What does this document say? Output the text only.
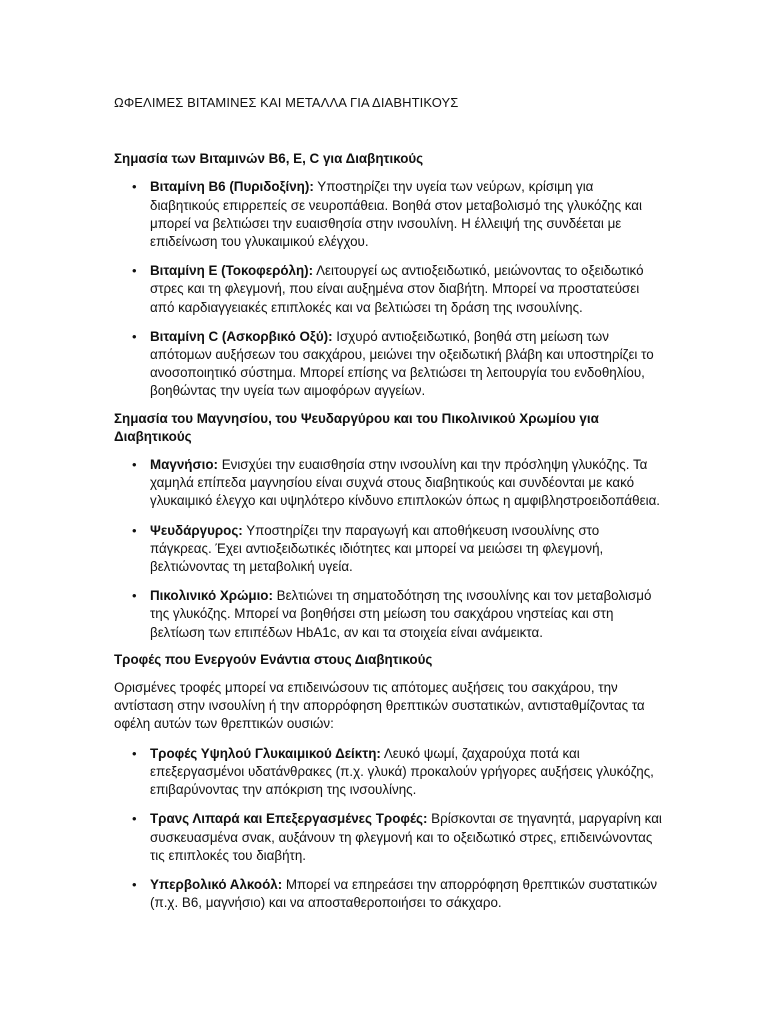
ΩΦΕΛΙΜΕΣ ΒΙΤΑΜΙΝΕΣ ΚΑΙ ΜΕΤΑΛΛΑ ΓΙΑ ΔΙΑΒΗΤΙΚΟΥΣ
Σημασία των Βιταμινών Β6, Ε, C για Διαβητικούς
• Βιταμίνη Β6 (Πυριδοξίνη): Υποστηρίζει την υγεία των νεύρων, κρίσιμη για διαβητικούς επιρρεπείς σε νευροπάθεια. Βοηθά στον μεταβολισμό της γλυκόζης και μπορεί να βελτιώσει την ευαισθησία στην ινσουλίνη. Η έλλειψή της συνδέεται με επιδείνωση του γλυκαιμικού ελέγχου.
• Βιταμίνη Ε (Τοκοφερόλη): Λειτουργεί ως αντιοξειδωτικό, μειώνοντας το οξειδωτικό στρες και τη φλεγμονή, που είναι αυξημένα στον διαβήτη. Μπορεί να προστατεύσει από καρδιαγγειακές επιπλοκές και να βελτιώσει τη δράση της ινσουλίνης.
• Βιταμίνη C (Ασκορβικό Οξύ): Ισχυρό αντιοξειδωτικό, βοηθά στη μείωση των απότομων αυξήσεων του σακχάρου, μειώνει την οξειδωτική βλάβη και υποστηρίζει το ανοσοποιητικό σύστημα. Μπορεί επίσης να βελτιώσει τη λειτουργία του ενδοθηλίου, βοηθώντας την υγεία των αιμοφόρων αγγείων.
Σημασία του Μαγνησίου, του Ψευδαργύρου και του Πικολινικού Χρωμίου για Διαβητικούς
• Μαγνήσιο: Ενισχύει την ευαισθησία στην ινσουλίνη και την πρόσληψη γλυκόζης. Τα χαμηλά επίπεδα μαγνησίου είναι συχνά στους διαβητικούς και συνδέονται με κακό γλυκαιμικό έλεγχο και υψηλότερο κίνδυνο επιπλοκών όπως η αμφιβληστροειδοπάθεια.
• Ψευδάργυρος: Υποστηρίζει την παραγωγή και αποθήκευση ινσουλίνης στο πάγκρεας. Έχει αντιοξειδωτικές ιδιότητες και μπορεί να μειώσει τη φλεγμονή, βελτιώνοντας τη μεταβολική υγεία.
• Πικολινικό Χρώμιο: Βελτιώνει τη σηματοδότηση της ινσουλίνης και τον μεταβολισμό της γλυκόζης. Μπορεί να βοηθήσει στη μείωση του σακχάρου νηστείας και στη βελτίωση των επιπέδων HbA1c, αν και τα στοιχεία είναι ανάμεικτα.
Τροφές που Ενεργούν Ενάντια στους Διαβητικούς

Ορισμένες τροφές μπορεί να επιδεινώσουν τις απότομες αυξήσεις του σακχάρου, την αντίσταση στην ινσουλίνη ή την απορρόφηση θρεπτικών συστατικών, αντισταθμίζοντας τα οφέλη αυτών των θρεπτικών ουσιών:

• Τροφές Υψηλού Γλυκαιμικού Δείκτη: Λευκό ψωμί, ζαχαρούχα ποτά και επεξεργασμένοι υδατάνθρακες (π.χ. γλυκά) προκαλούν γρήγορες αυξήσεις γλυκόζης, επιβαρύνοντας την απόκριση της ινσουλίνης.
• Τρανς Λιπαρά και Επεξεργασμένες Τροφές: Βρίσκονται σε τηγανητά, μαργαρίνη και συσκευασμένα σνακ, αυξάνουν τη φλεγμονή και το οξειδωτικό στρες, επιδεινώνοντας τις επιπλοκές του διαβήτη.
• Υπερβολικό Αλκοόλ: Μπορεί να επηρεάσει την απορρόφηση θρεπτικών συστατικών (π.χ. Β6, μαγνήσιο) και να αποσταθεροποιήσει το σάκχαρο.
